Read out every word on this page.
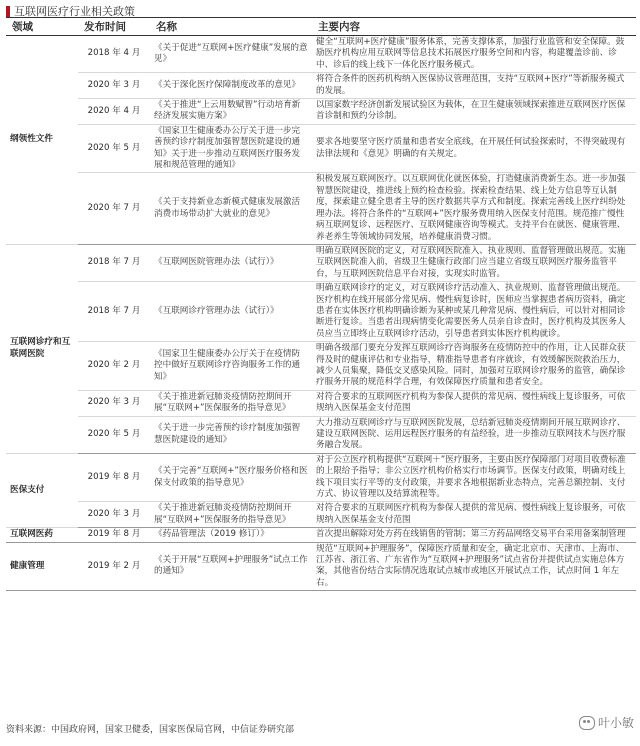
互联网医疗行业相关政策
领域	发布时间	名称	主要内容
纲领性文件	2018 年 4 月	《关于促进“互联网+医疗健康”发展的意见》	健全“互联网+医疗健康”服务体系，完善支撑体系，加强行业监管和安全保障。鼓励医疗机构应用互联网等信息技术拓展医疗服务空间和内容，构建覆盖诊前、诊中、诊后的线上线下一体化医疗服务模式。
	2020 年 3 月	《关于深化医疗保障制度改革的意见》	将符合条件的医药机构纳入医保协议管理范围，支持“互联网+医疗”等新服务模式的发展。
	2020 年 4 月	《关于推进“上云用数赋智”行动培育新经济发展实施方案》	以国家数字经济创新发展试验区为载体，在卫生健康领域探索推进互联网医疗医保首诊制和预约分诊制。
	2020 年 5 月	《国家卫生健康委办公厅关于进一步完善预约诊疗制度加强智慧医院建设的通知》关于进一步推动互联网医疗服务发展和规范管理的通知》	要求各地要坚守医疗质量和患者安全底线，在开展任何试验探索时，不得突破现有法律法规和《意见》明确的有关规定。
	2020 年 7 月	《关于支持新业态新模式健康发展激活消费市场带动扩大就业的意见》	积极发展互联网医疗。以互联网优化就医体验，打造健康消费新生态。进一步加强智慧医院建设，推进线上预约检查检验。探索检查结果、线上处方信息等互认制度，探索建立健全患者主导的医疗数据共享方式和制度。探索完善线上医疗纠纷处理办法。将符合条件的“互联网+”医疗服务费用纳入医保支付范围。规范推广慢性病互联网复诊、远程医疗、互联网健康咨询等模式。支持平台在就医、健康管理、养老养生等领域协同发展，培养健康消费习惯。
互联网诊疗和互联网医院	2018 年 7 月	《互联网医院管理办法（试行）》	明确互联网医院的定义，对互联网医院准入、执业规则、监督管理做出规范。实施互联网医院准入前，省级卫生健康行政部门应当建立省级互联网医疗服务监管平台，与互联网医院信息平台对接，实现实时监管。
	2018 年 7 月	《互联网诊疗管理办法（试行）》	明确互联网诊疗的定义，对互联网诊疗活动准入、执业规则、监督管理做出规范。医疗机构在线开展部分常见病、慢性病复诊时，医师应当掌握患者病历资料，确定患者在实体医疗机构明确诊断为某种或某几种常见病、慢性病后，可以针对相同诊断进行复诊。当患者出现病情变化需要医务人员亲自诊查时，医疗机构及其医务人员应当立即终止互联网诊疗活动，引导患者到实体医疗机构就诊。
	2020 年 2 月	《国家卫生健康委办公厅关于在疫情防控中做好互联网诊疗咨询服务工作的通知》	明确各级部门要充分发挥互联网诊疗咨询服务在疫情防控中的作用，让人民群众获得及时的健康评估和专业指导，精准指导患者有序就诊，有效缓解医院救治压力，减少人员集聚，降低交叉感染风险。同时，加强对互联网诊疗服务的监管，确保诊疗服务开展的规范科学合理，有效保障医疗质量和患者安全。
	2020 年 3 月	《关于推进新冠肺炎疫情防控期间开展“互联网+”医保服务的指导意见》	对符合要求的互联网医疗机构为参保人提供的常见病、慢性病线上复诊服务，可依规纳入医保基金支付范围
	2020 年 5 月	《关于进一步完善预约诊疗制度加强智慧医院建设的通知》	大力推动互联网诊疗与互联网医院发展，总结新冠肺炎疫情期间开展互联网诊疗、建设互联网医院、运用远程医疗服务的有益经验，进一步推动互联网技术与医疗服务融合发展。
医保支付	2019 年 8 月	《关于完善“互联网+”医疗服务价格和医保支付政策的指导意见》	对于公立医疗机构提供“互联网＋”医疗服务，主要由医疗保障部门对项目收费标准的上限给予指导；非公立医疗机构价格实行市场调节。医保支付政策，明确对线上线下项目实行平等的支付政策，并要求各地根据新业态特点，完善总额控制、支付方式、协议管理以及结算流程等。
	2020 年 3 月	《关于推进新冠肺炎疫情防控期间开展“互联网+”医保服务的指导意见》	对符合要求的互联网医疗机构为参保人提供的常见病、慢性病线上复诊服务，可依规纳入医保基金支付范围
互联网医药	2019 年 8 月	《药品管理法（2019 修订）》	首次提出解除对处方药在线销售的管制；第三方药品网络交易平台采用备案制管理
健康管理	2019 年 2 月	《关于开展“互联网+护理服务”试点工作的通知》	规范“互联网+护理服务”，保障医疗质量和安全，确定北京市、天津市、上海市、江苏省、浙江省、广东省作为“互联网+护理服务”试点省份并提供试点实施总体方案，其他省份结合实际情况选取试点城市或地区开展试点工作，试点时间 1 年左右。
资料来源：中国政府网，国家卫健委，国家医保局官网，中信证券研究部	叶小敏
